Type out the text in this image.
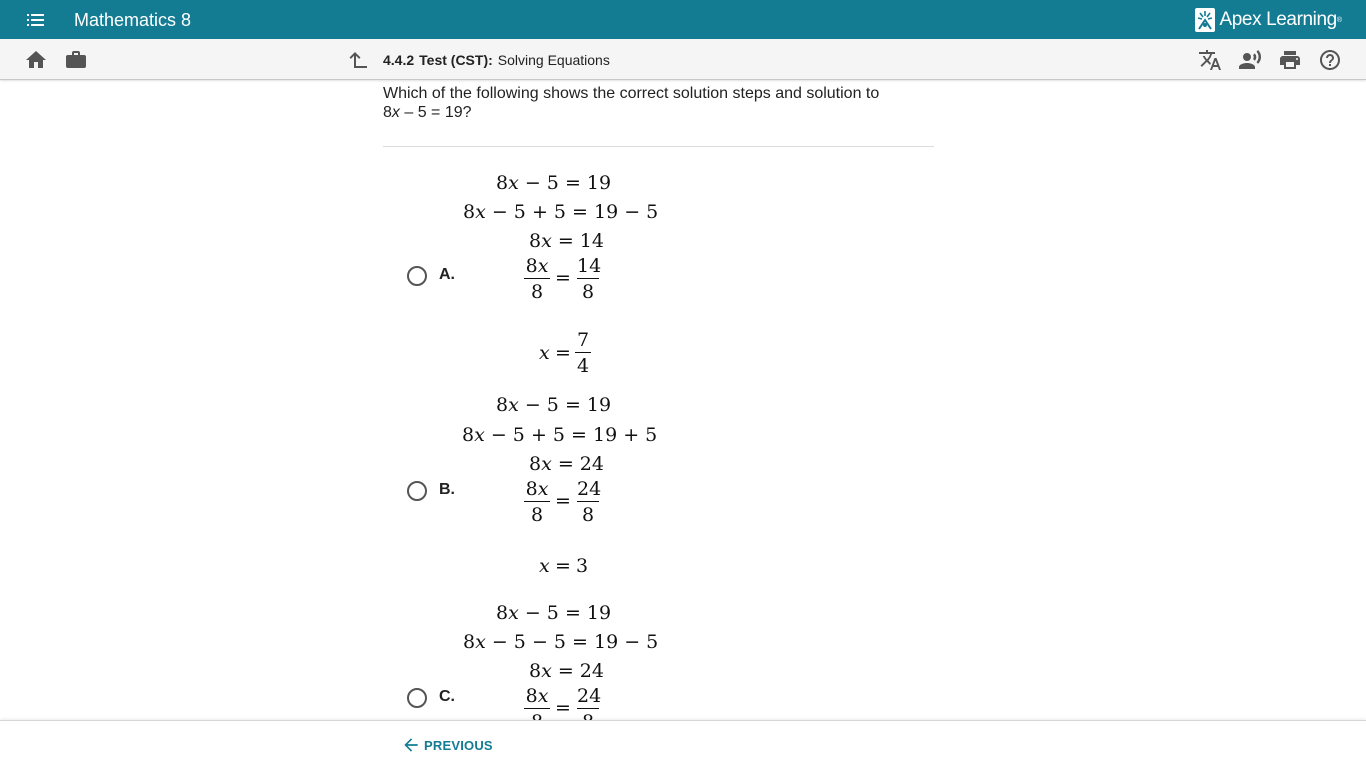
Mathematics 8	Apex Learning ®
4.4.2 Test (CST): Solving Equations
Which of the following shows the correct solution steps and solution to
8x – 5 = 19?
A.
8x − 5 = 19
8x − 5 + 5 = 19 − 5
8x = 14
8x
8
=
14
8
x =
7
4
B.
8x − 5 = 19
8x − 5 + 5 = 19 + 5
8x = 24
8x
8
=
24
8
x = 3
C.
8x − 5 = 19
8x − 5 − 5 = 19 − 5
8x = 24
8x
=
24
PREVIOUS
